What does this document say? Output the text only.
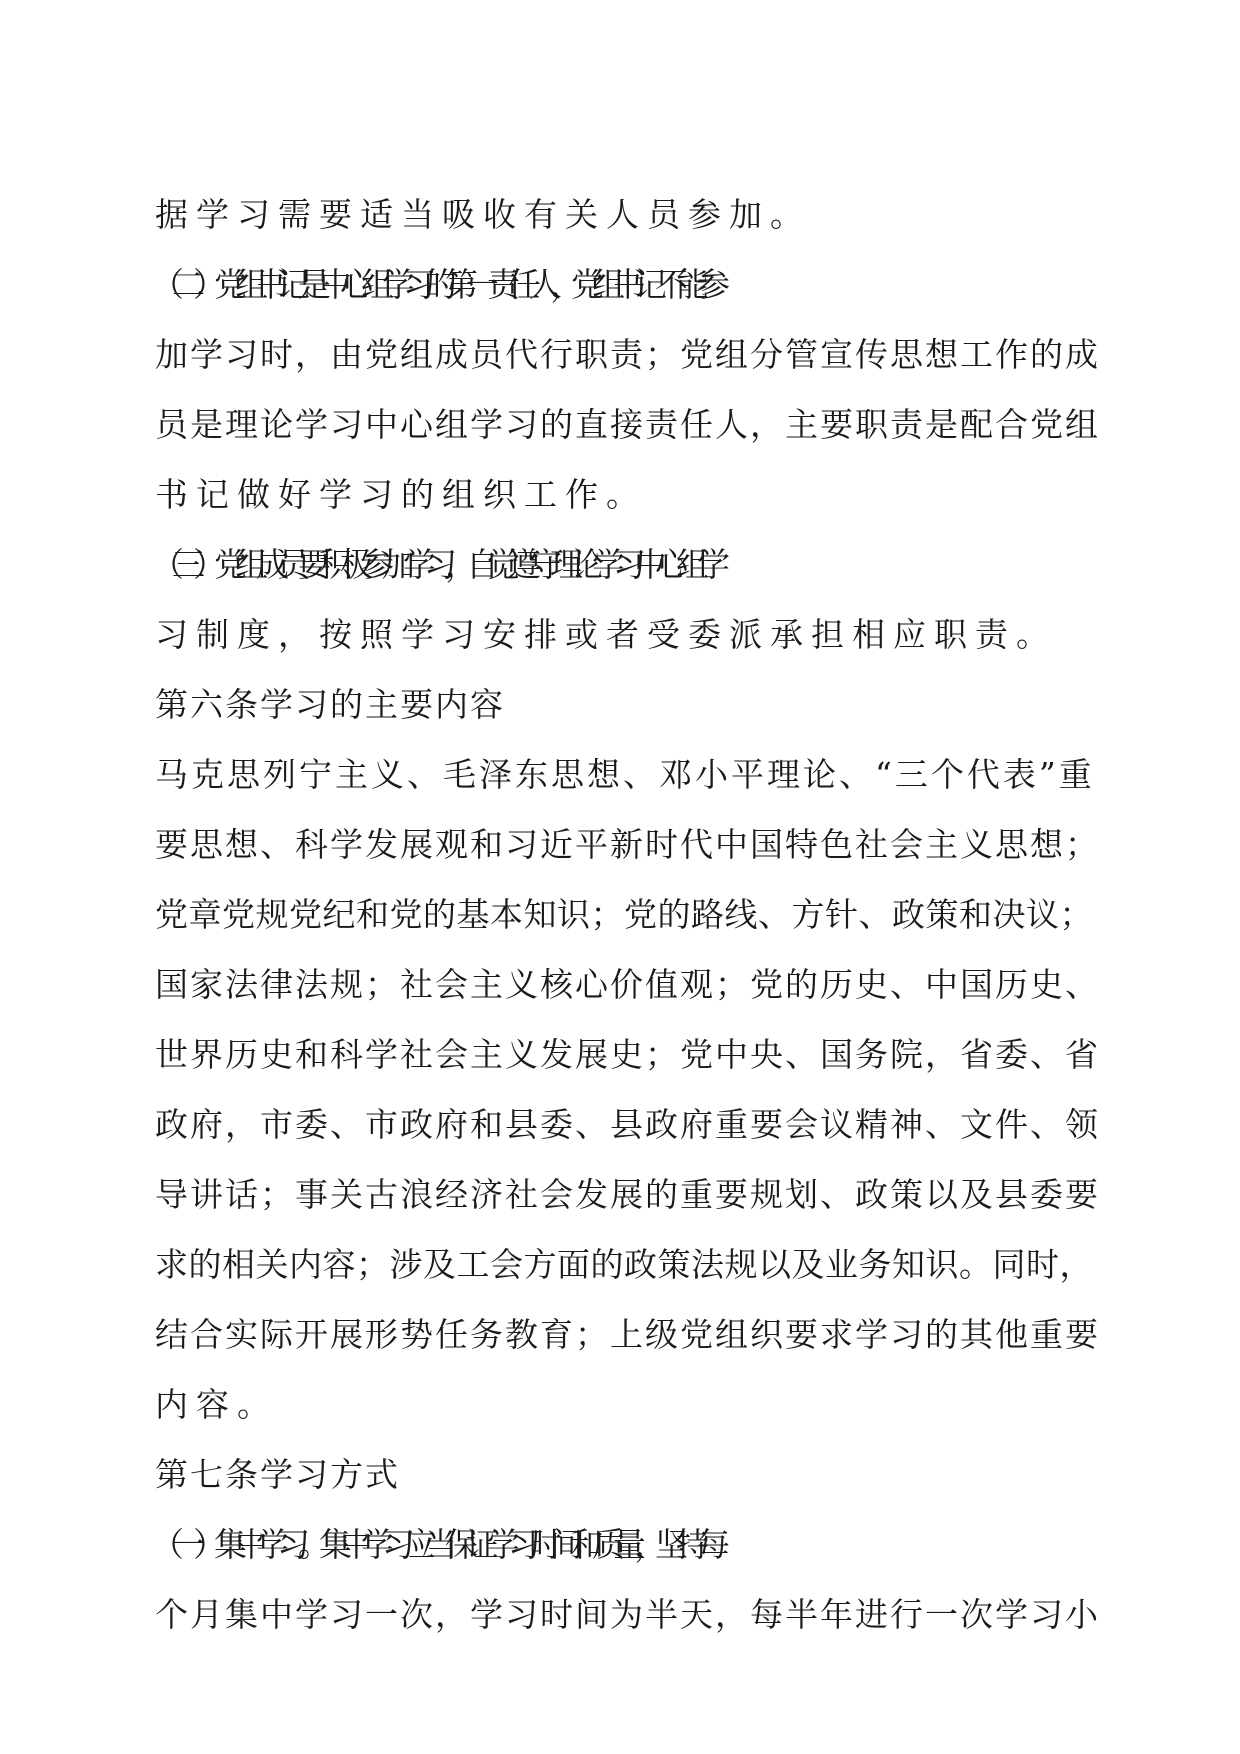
据学习需要适当吸收有关人员参加。
（二）党组书记是中心组学习的第一责任人，党组书记不能参
加学习时，由党组成员代行职责；党组分管宣传思想工作的成
员是理论学习中心组学习的直接责任人，主要职责是配合党组
书记做好学习的组织工作。
（三）党组成员要积极参加学习，自觉遵守理论学习中心组学
习制度，按照学习安排或者受委派承担相应职责。
第六条学习的主要内容
马克思列宁主义、毛泽东思想、邓小平理论、“三个代表”重
要思想、科学发展观和习近平新时代中国特色社会主义思想；
党章党规党纪和党的基本知识；党的路线、方针、政策和决议；
国家法律法规；社会主义核心价值观；党的历史、中国历史、
世界历史和科学社会主义发展史；党中央、国务院，省委、省
政府，市委、市政府和县委、县政府重要会议精神、文件、领
导讲话；事关古浪经济社会发展的重要规划、政策以及县委要
求的相关内容；涉及工会方面的政策法规以及业务知识。同时，
结合实际开展形势任务教育；上级党组织要求学习的其他重要
内容。
第七条学习方式
（一）集中学习。集中学习应当保证学习时间和质量，坚持每
个月集中学习一次，学习时间为半天，每半年进行一次学习小
